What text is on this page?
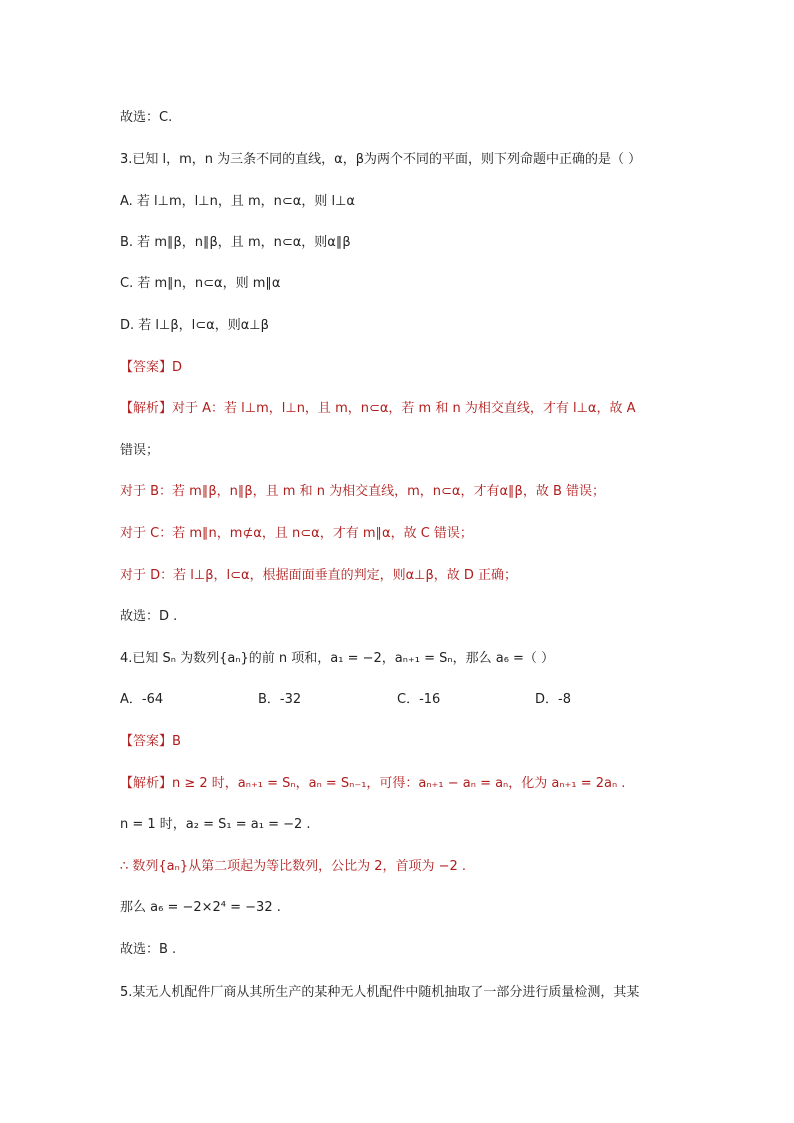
故选：C.
3.已知 l，m，n 为三条不同的直线，α，β为两个不同的平面，则下列命题中正确的是（ ）
A. 若 l⊥m，l⊥n，且 m，n⊂α，则 l⊥α
B. 若 m∥β，n∥β，且 m，n⊂α，则α∥β
C. 若 m∥n，n⊂α，则 m∥α
D. 若 l⊥β，l⊂α，则α⊥β
【答案】D
【解析】对于 A：若 l⊥m，l⊥n，且 m，n⊂α，若 m 和 n 为相交直线，才有 l⊥α，故 A
错误；
对于 B：若 m∥β，n∥β，且 m 和 n 为相交直线，m，n⊂α，才有α∥β，故 B 错误；
对于 C：若 m∥n，m⊄α，且 n⊂α，才有 m∥α，故 C 错误；
对于 D：若 l⊥β，l⊂α，根据面面垂直的判定，则α⊥β，故 D 正确；
故选：D .
4.已知 Sₙ 为数列{aₙ}的前 n 项和，a₁ = −2，aₙ₊₁ = Sₙ，那么 a₆ =（ ）
A．-64	B．-32	C．-16	D．-8
【答案】B
【解析】n ≥ 2 时，aₙ₊₁ = Sₙ，aₙ = Sₙ₋₁，可得：aₙ₊₁ − aₙ = aₙ，化为 aₙ₊₁ = 2aₙ .
n = 1 时，a₂ = S₁ = a₁ = −2 .
∴ 数列{aₙ}从第二项起为等比数列，公比为 2，首项为 −2 .
那么 a₆ = −2×2⁴ = −32 .
故选：B .
5.某无人机配件厂商从其所生产的某种无人机配件中随机抽取了一部分进行质量检测，其某
